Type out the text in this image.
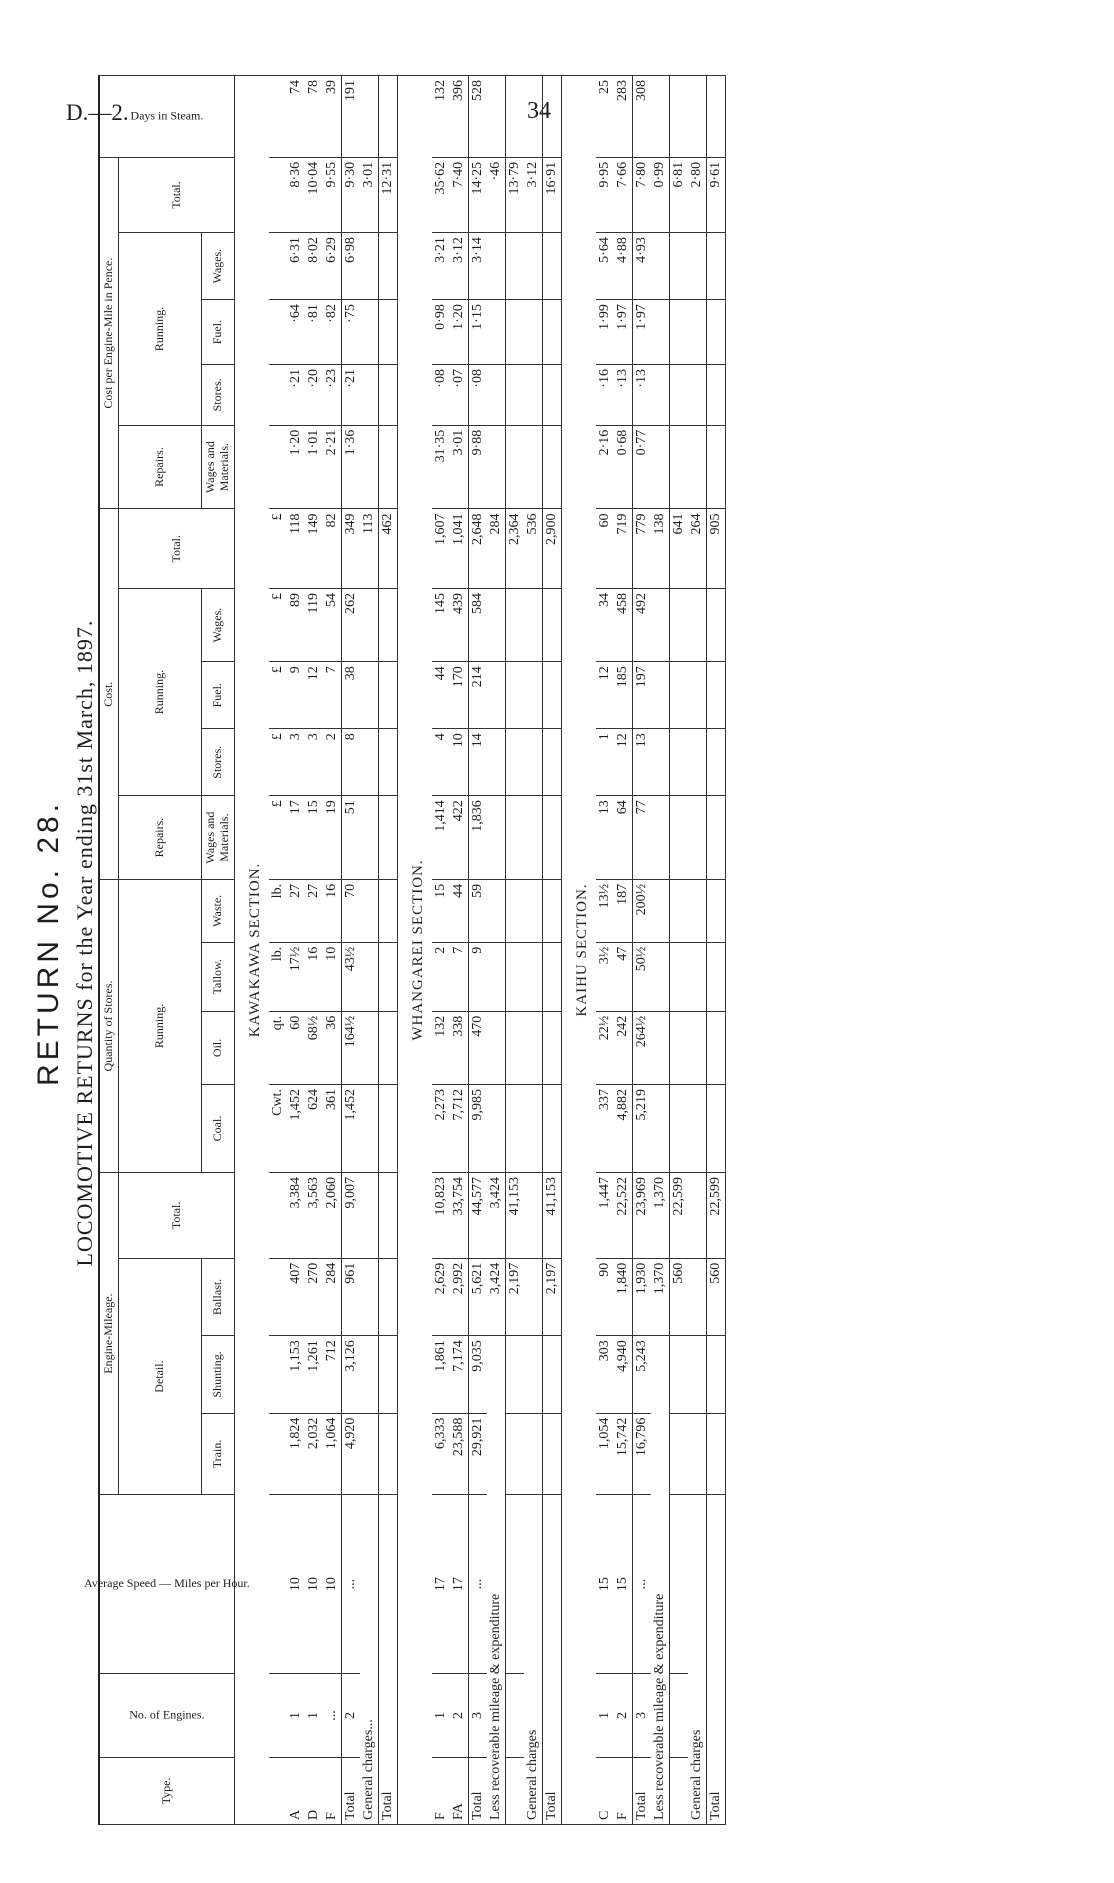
D.—2.	34
RETURN No. 28. LOCOMOTIVE RETURNS for the Year ending 31st March, 1897.
Type.	No. of Engines.	Average Speed — Miles per Hour.	Engine-Mileage.				Quantity of Stores.				Cost.					Cost per Engine-Mile in Pence.					Days in Steam.
			Detail.			Total.	Running.				Repairs.	Running.			Total.	Repairs.	Running.			Total.	
			Train.	Shunting.	Ballast.		Coal.	Oil.	Tallow.	Waste.	Wages and Materials.	Stores.	Fuel.	Wages.		Wages and Materials.	Stores.	Fuel.	Wages.		
KAWAKAWA SECTION.																					
							Cwt.	qt.	lb.	lb.	£	£	£	£	£						
A	1	10	1,824	1,153	407	3,384	1,452	60	17½	27	17	3	9	89	118	1·20	·21	·64	6·31	8·36	74
D	1	10	2,032	1,261	270	3,563	624	68½	16	27	15	3	12	119	149	1·01	·20	·81	8·02	10·04	78
F	...	10	1,064	712	284	2,060	361	36	10	16	19	2	7	54	82	2·21	·23	·82	6·29	9·55	39
Total	2	...	4,920	3,126	961	9,007	1,452	164½	43½	70	51	8	38	262	349	1·36	·21	·75	6·98	9·30	191
General charges...															113					3·01	
Total															462					12·31	
WHANGAREI SECTION.																					
F	1	17	6,333	1,861	2,629	10,823	2,273	132	2	15	1,414	4	44	145	1,607	31·35	·08	0·98	3·21	35·62	132
FA	2	17	23,588	7,174	2,992	33,754	7,712	338	7	44	422	10	170	439	1,041	3·01	·07	1·20	3·12	7·40	396
Total	3	...	29,921	9,035	5,621	44,577	9,985	470	9	59	1,836	14	214	584	2,648	9·88	·08	1·15	3·14	14·25	528
Less recoverable mileage & expenditure					3,424	3,424									284					·46	
					2,197	41,153									2,364					13·79	
General charges															536					3·12	
Total					2,197	41,153									2,900					16·91	
KAIHU SECTION.																					
C	1	15	1,054	303	90	1,447	337	22½	3½	13½	13	1	12	34	60	2·16	·16	1·99	5·64	9·95	25
F	2	15	15,742	4,940	1,840	22,522	4,882	242	47	187	64	12	185	458	719	0·68	·13	1·97	4·88	7·66	283
Total	3	...	16,796	5,243	1,930	23,969	5,219	264½	50½	200½	77	13	197	492	779	0·77	·13	1·97	4·93	7·80	308
Less recoverable mileage & expenditure					1,370	1,370									138					0·99	
					560	22,599									641					6·81	
General charges															264					2·80	
Total					560	22,599									905					9·61	
